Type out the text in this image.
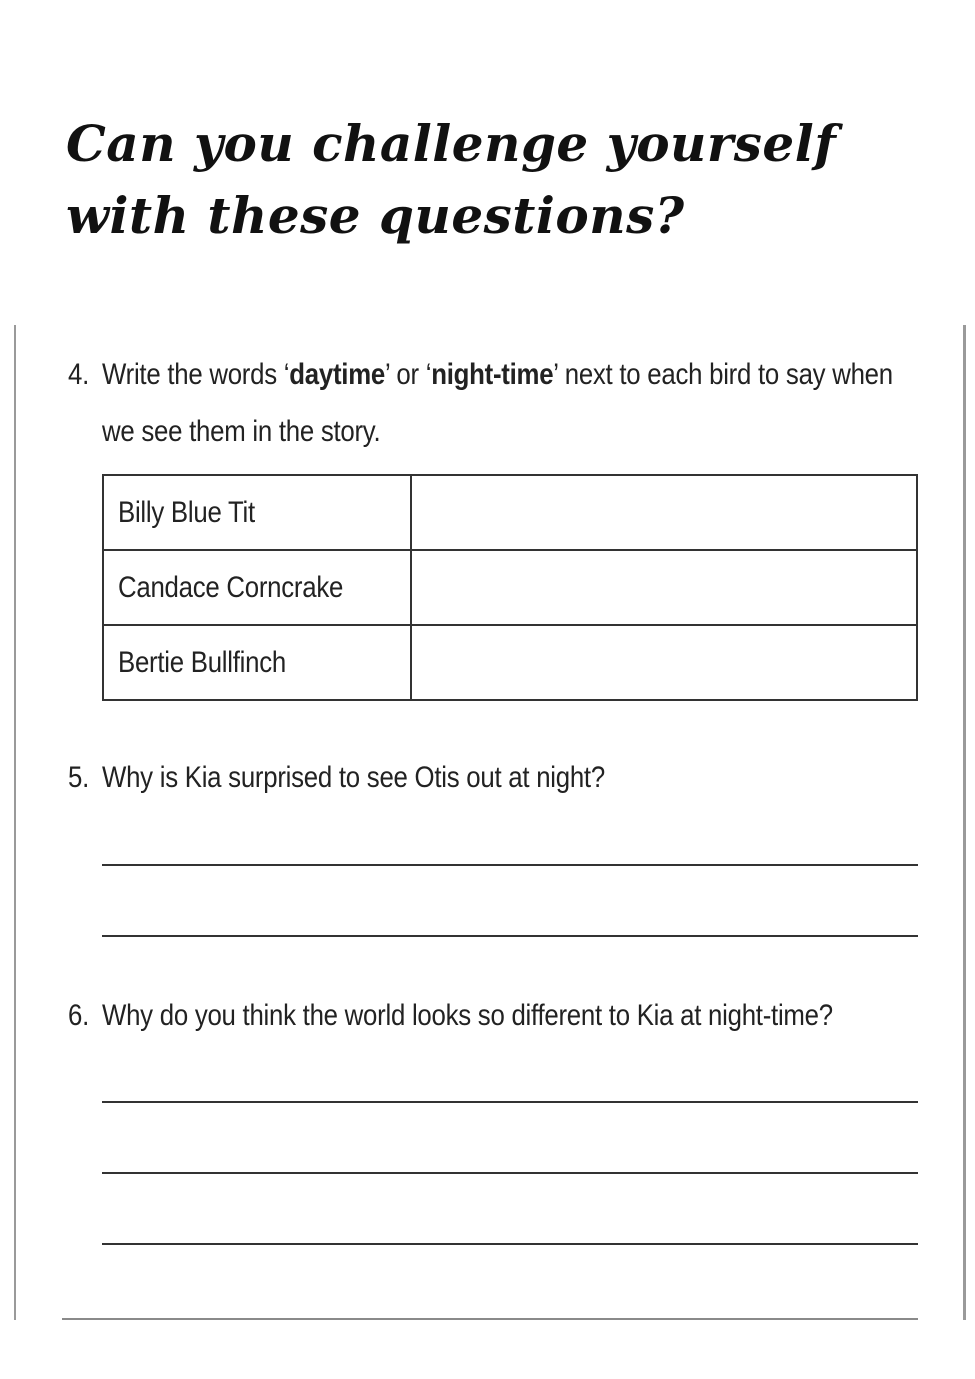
Can you challenge yourself
with these questions?
4. Write the words ‘daytime’ or ‘night-time’ next to each bird to say when
we see them in the story.
Billy Blue Tit	
Candace Corncrake	
Bertie Bullfinch	
5. Why is Kia surprised to see Otis out at night?
6. Why do you think the world looks so different to Kia at night-time?
